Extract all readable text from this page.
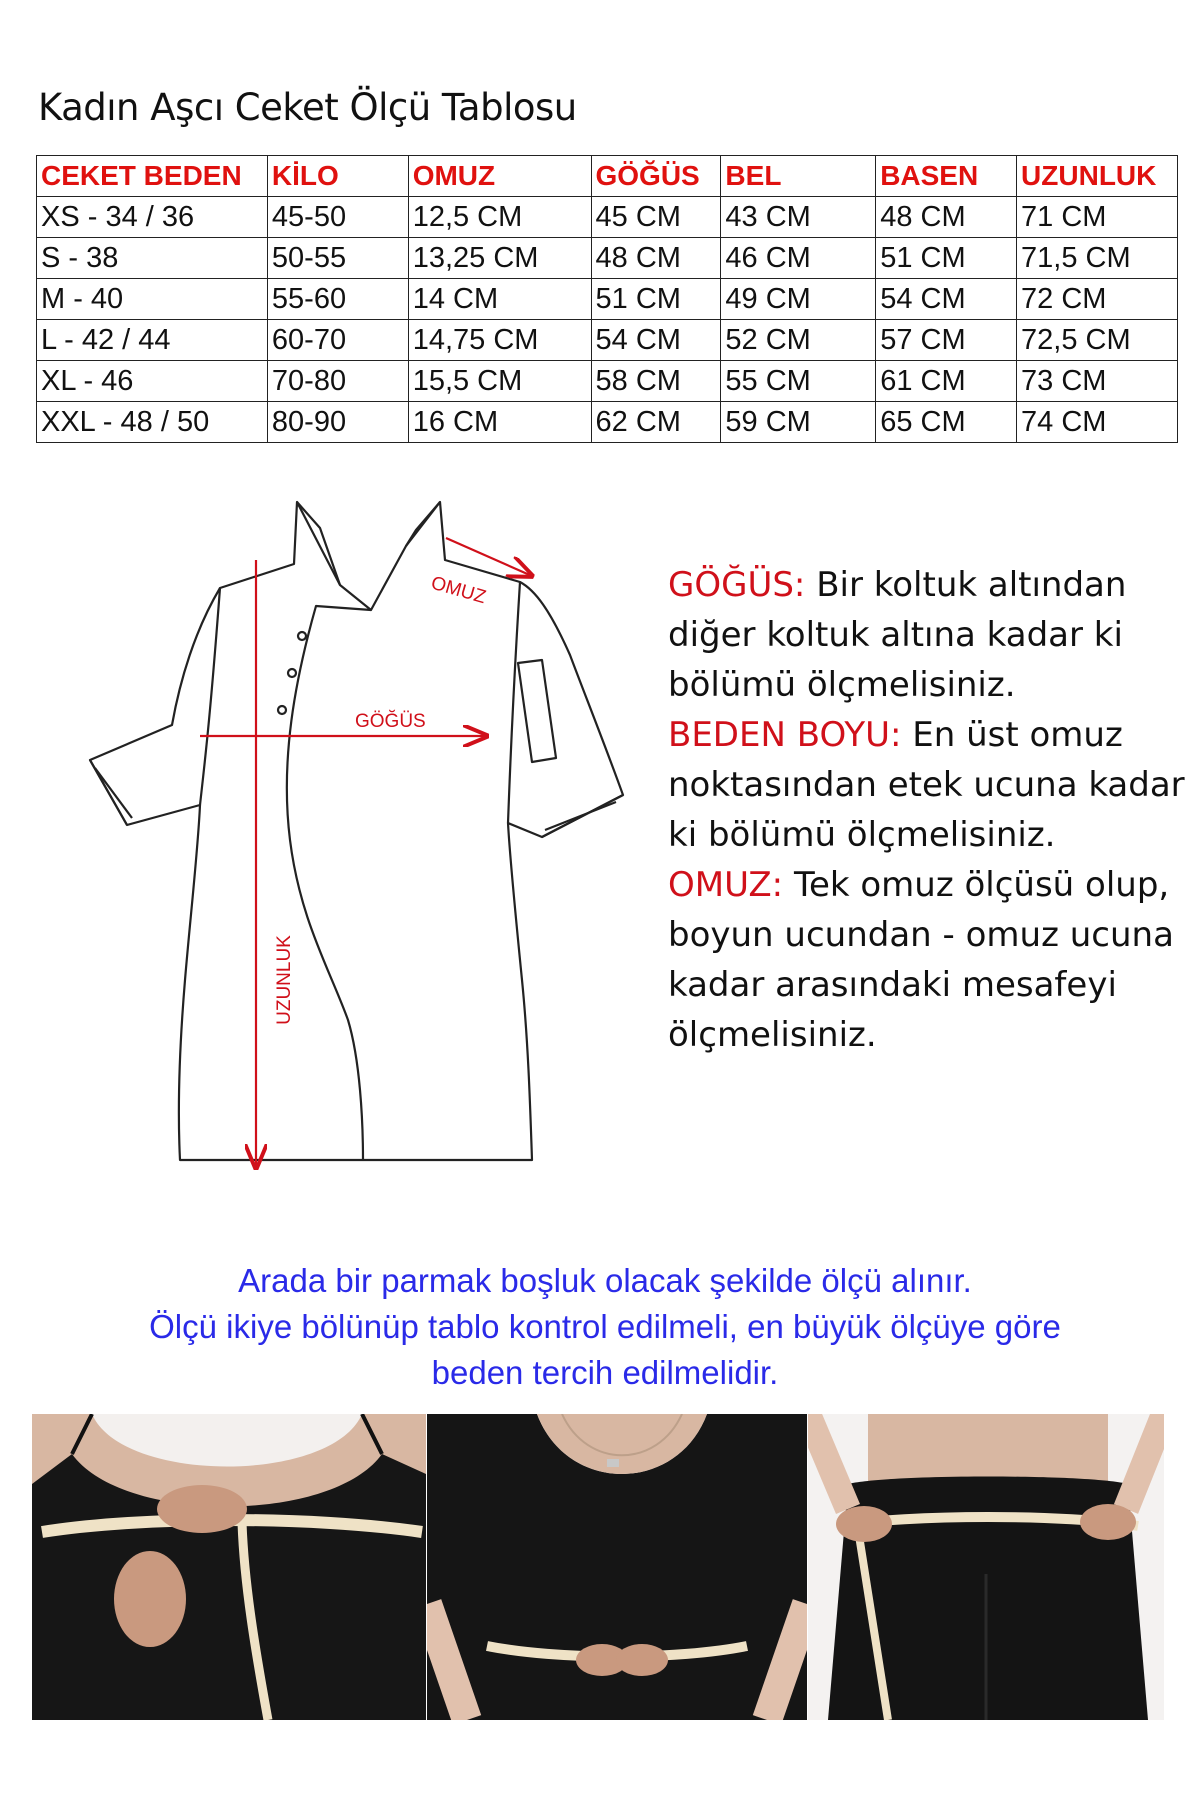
Kadın Aşcı Ceket Ölçü Tablosu
CEKET BEDEN	KİLO	OMUZ	GÖĞÜS	BEL	BASEN	UZUNLUK
XS - 34 / 36	45-50	12,5 CM	45 CM	43 CM	48 CM	71 CM
S - 38	50-55	13,25 CM	48 CM	46 CM	51 CM	71,5 CM
M - 40	55-60	14 CM	51 CM	49 CM	54 CM	72 CM
L - 42 / 44	60-70	14,75 CM	54 CM	52 CM	57 CM	72,5 CM
XL - 46	70-80	15,5 CM	58 CM	55 CM	61 CM	73 CM
XXL - 48 / 50	80-90	16 CM	62 CM	59 CM	65 CM	74 CM
OMUZ
GÖĞÜS
UZUNLUK

GÖĞÜS: Bir koltuk altından diğer koltuk altına kadar ki bölümü ölçmelisiniz.

BEDEN BOYU: En üst omuz noktasından etek ucuna kadar ki bölümü ölçmelisiniz.

OMUZ: Tek omuz ölçüsü olup, boyun ucundan - omuz ucuna kadar arasındaki mesafeyi ölçmelisiniz.

Arada bir parmak boşluk olacak şekilde ölçü alınır.
Ölçü ikiye bölünüp tablo kontrol edilmeli, en büyük ölçüye göre
beden tercih edilmelidir.
